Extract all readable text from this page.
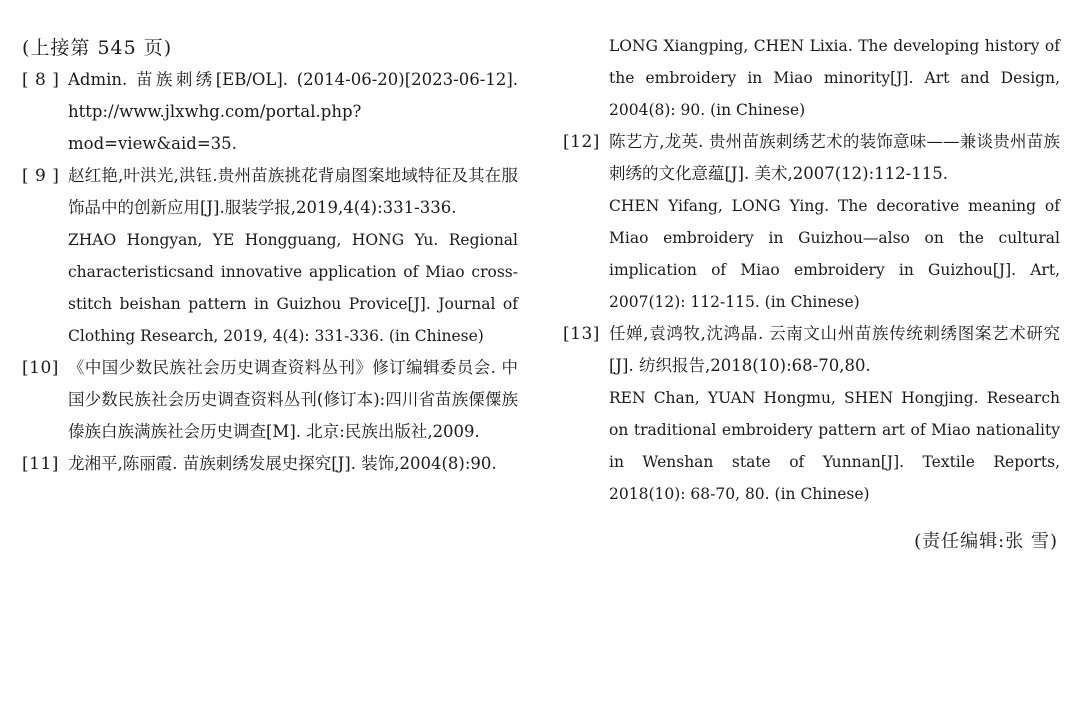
(上接第 545 页)

[ 8 ] Admin. 苗族刺绣[EB/OL]. (2014-06-20)[2023-06-12]. http://www.jlxwhg.com/portal.php?mod=view&aid=35.

[ 9 ] 赵红艳,叶洪光,洪钰.贵州苗族挑花背扇图案地域特征及其在服饰品中的创新应用[J].服装学报,2019,4(4):331-336.

ZHAO Hongyan, YE Hongguang, HONG Yu. Regional characteristicsand innovative application of Miao cross-stitch beishan pattern in Guizhou Provice[J]. Journal of Clothing Research, 2019, 4(4): 331-336. (in Chinese)

[10] 《中国少数民族社会历史调查资料丛刊》修订编辑委员会. 中国少数民族社会历史调查资料丛刊(修订本):四川省苗族傈僳族傣族白族满族社会历史调查[M]. 北京:民族出版社,2009.

[11] 龙湘平,陈丽霞. 苗族刺绣发展史探究[J]. 装饰,2004(8):90.

LONG Xiangping, CHEN Lixia. The developing history of the embroidery in Miao minority[J]. Art and Design, 2004(8): 90. (in Chinese)

[12] 陈艺方,龙英. 贵州苗族刺绣艺术的装饰意味——兼谈贵州苗族刺绣的文化意蕴[J]. 美术,2007(12):112-115.

CHEN Yifang, LONG Ying. The decorative meaning of Miao embroidery in Guizhou—also on the cultural implication of Miao embroidery in Guizhou[J]. Art, 2007(12): 112-115. (in Chinese)

[13] 任婵,袁鸿牧,沈鸿晶. 云南文山州苗族传统刺绣图案艺术研究[J]. 纺织报告,2018(10):68-70,80.

REN Chan, YUAN Hongmu, SHEN Hongjing. Research on traditional embroidery pattern art of Miao nationality in Wenshan state of Yunnan[J]. Textile Reports, 2018(10): 68-70, 80. (in Chinese)

(责任编辑:张 雪)
